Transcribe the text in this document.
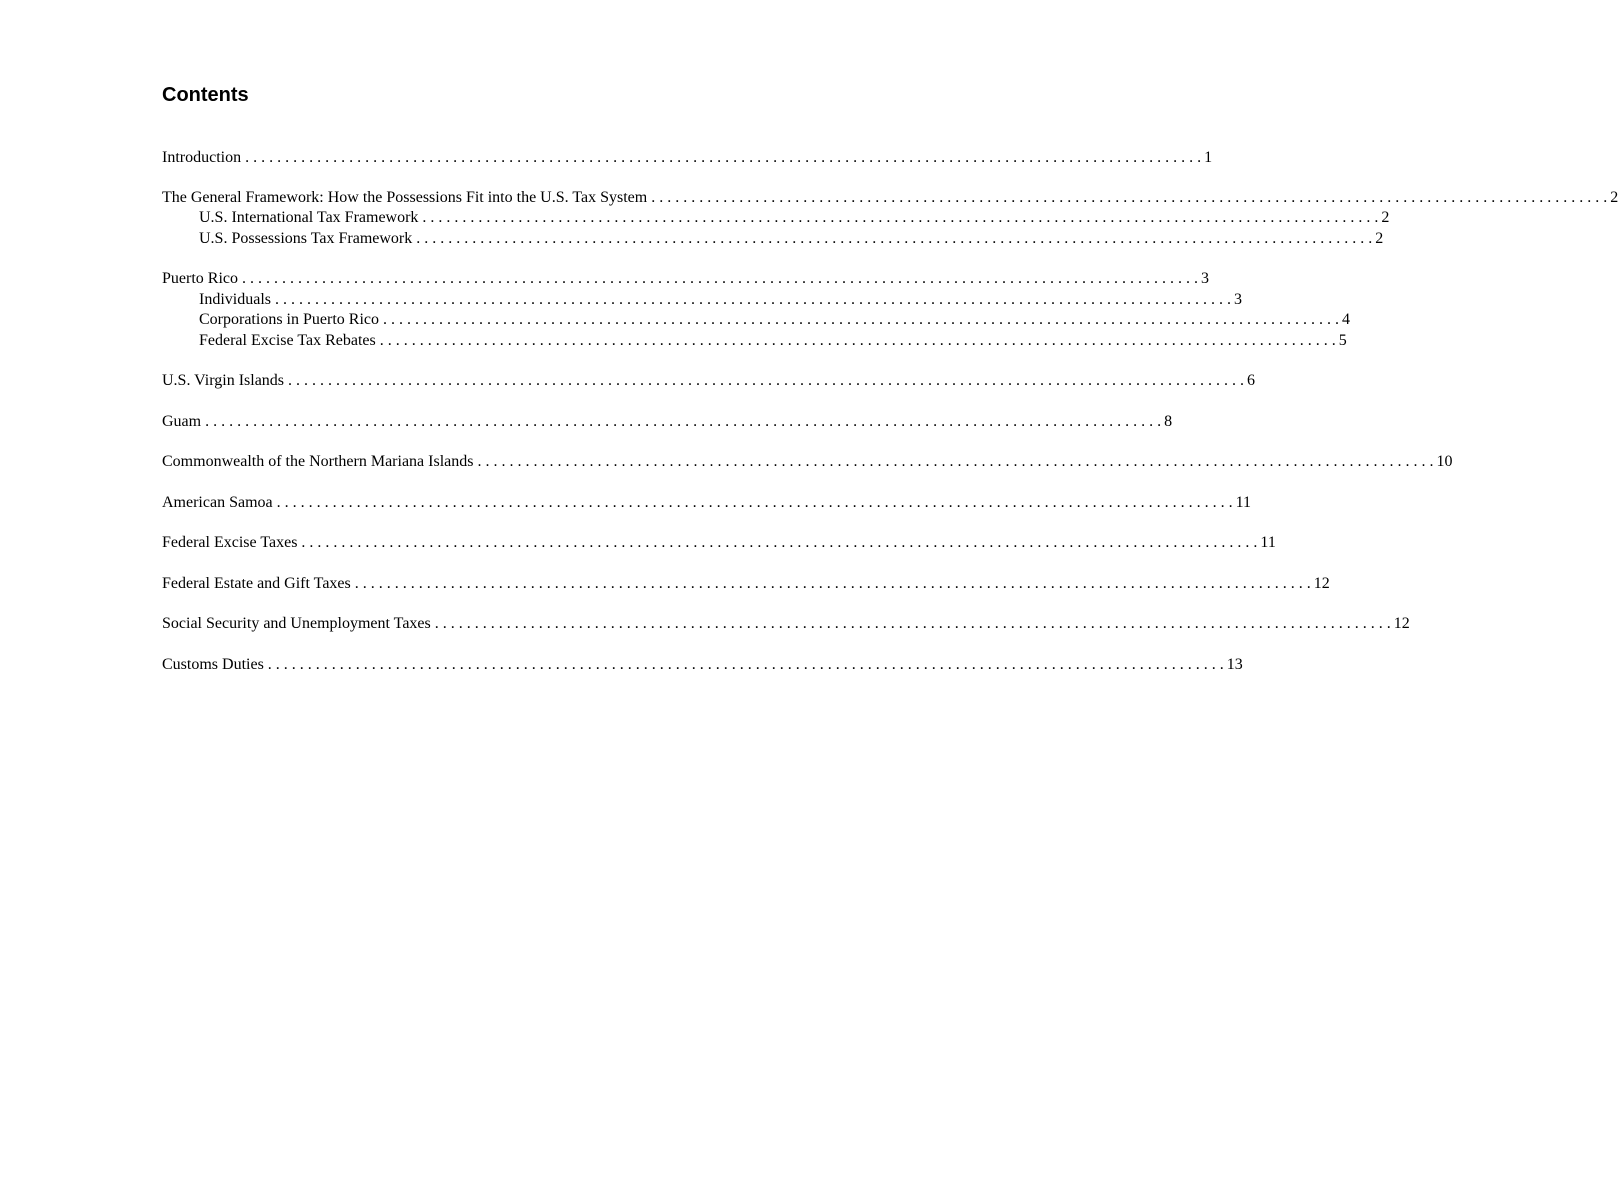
Contents
Introduction . . . . . . . . . . . . . . . . . . . . . . . . . . . . . . . . . . . . . . . . . . . . . . . . . . . . . . . . . . . . . . . . . . . . . . . . . . . . . . . . . . . . . . . . . . . . . . . . . . . . . . . . . . . . . . . . . . . . . . . . 1
The General Framework: How the Possessions Fit into the U.S. Tax System . . . . . . . . . . . . . . . . . . . . . . . . . . . . . . . . . . . . . . . . . . . . . . . . . . . . . . . . . . . . . . . . . . . . . . . . . . . . . . . . . . . . . . . . . . . . . . . . . . . . . . . . . . . . . . . . . . . . . . . . 2
U.S. International Tax Framework . . . . . . . . . . . . . . . . . . . . . . . . . . . . . . . . . . . . . . . . . . . . . . . . . . . . . . . . . . . . . . . . . . . . . . . . . . . . . . . . . . . . . . . . . . . . . . . . . . . . . . . . . . . . . . . . . . . . . . . . 2
U.S. Possessions Tax Framework . . . . . . . . . . . . . . . . . . . . . . . . . . . . . . . . . . . . . . . . . . . . . . . . . . . . . . . . . . . . . . . . . . . . . . . . . . . . . . . . . . . . . . . . . . . . . . . . . . . . . . . . . . . . . . . . . . . . . . . . 2
Puerto Rico . . . . . . . . . . . . . . . . . . . . . . . . . . . . . . . . . . . . . . . . . . . . . . . . . . . . . . . . . . . . . . . . . . . . . . . . . . . . . . . . . . . . . . . . . . . . . . . . . . . . . . . . . . . . . . . . . . . . . . . . 3
Individuals . . . . . . . . . . . . . . . . . . . . . . . . . . . . . . . . . . . . . . . . . . . . . . . . . . . . . . . . . . . . . . . . . . . . . . . . . . . . . . . . . . . . . . . . . . . . . . . . . . . . . . . . . . . . . . . . . . . . . . . . 3
Corporations in Puerto Rico . . . . . . . . . . . . . . . . . . . . . . . . . . . . . . . . . . . . . . . . . . . . . . . . . . . . . . . . . . . . . . . . . . . . . . . . . . . . . . . . . . . . . . . . . . . . . . . . . . . . . . . . . . . . . . . . . . . . . . . . 4
Federal Excise Tax Rebates . . . . . . . . . . . . . . . . . . . . . . . . . . . . . . . . . . . . . . . . . . . . . . . . . . . . . . . . . . . . . . . . . . . . . . . . . . . . . . . . . . . . . . . . . . . . . . . . . . . . . . . . . . . . . . . . . . . . . . . . 5
U.S. Virgin Islands . . . . . . . . . . . . . . . . . . . . . . . . . . . . . . . . . . . . . . . . . . . . . . . . . . . . . . . . . . . . . . . . . . . . . . . . . . . . . . . . . . . . . . . . . . . . . . . . . . . . . . . . . . . . . . . . . . . . . . . . 6
Guam . . . . . . . . . . . . . . . . . . . . . . . . . . . . . . . . . . . . . . . . . . . . . . . . . . . . . . . . . . . . . . . . . . . . . . . . . . . . . . . . . . . . . . . . . . . . . . . . . . . . . . . . . . . . . . . . . . . . . . . . 8
Commonwealth of the Northern Mariana Islands . . . . . . . . . . . . . . . . . . . . . . . . . . . . . . . . . . . . . . . . . . . . . . . . . . . . . . . . . . . . . . . . . . . . . . . . . . . . . . . . . . . . . . . . . . . . . . . . . . . . . . . . . . . . . . . . . . . . . . . . 10
American Samoa . . . . . . . . . . . . . . . . . . . . . . . . . . . . . . . . . . . . . . . . . . . . . . . . . . . . . . . . . . . . . . . . . . . . . . . . . . . . . . . . . . . . . . . . . . . . . . . . . . . . . . . . . . . . . . . . . . . . . . . . 11
Federal Excise Taxes . . . . . . . . . . . . . . . . . . . . . . . . . . . . . . . . . . . . . . . . . . . . . . . . . . . . . . . . . . . . . . . . . . . . . . . . . . . . . . . . . . . . . . . . . . . . . . . . . . . . . . . . . . . . . . . . . . . . . . . . 11
Federal Estate and Gift Taxes . . . . . . . . . . . . . . . . . . . . . . . . . . . . . . . . . . . . . . . . . . . . . . . . . . . . . . . . . . . . . . . . . . . . . . . . . . . . . . . . . . . . . . . . . . . . . . . . . . . . . . . . . . . . . . . . . . . . . . . . 12
Social Security and Unemployment Taxes . . . . . . . . . . . . . . . . . . . . . . . . . . . . . . . . . . . . . . . . . . . . . . . . . . . . . . . . . . . . . . . . . . . . . . . . . . . . . . . . . . . . . . . . . . . . . . . . . . . . . . . . . . . . . . . . . . . . . . . . 12
Customs Duties . . . . . . . . . . . . . . . . . . . . . . . . . . . . . . . . . . . . . . . . . . . . . . . . . . . . . . . . . . . . . . . . . . . . . . . . . . . . . . . . . . . . . . . . . . . . . . . . . . . . . . . . . . . . . . . . . . . . . . . . 13
